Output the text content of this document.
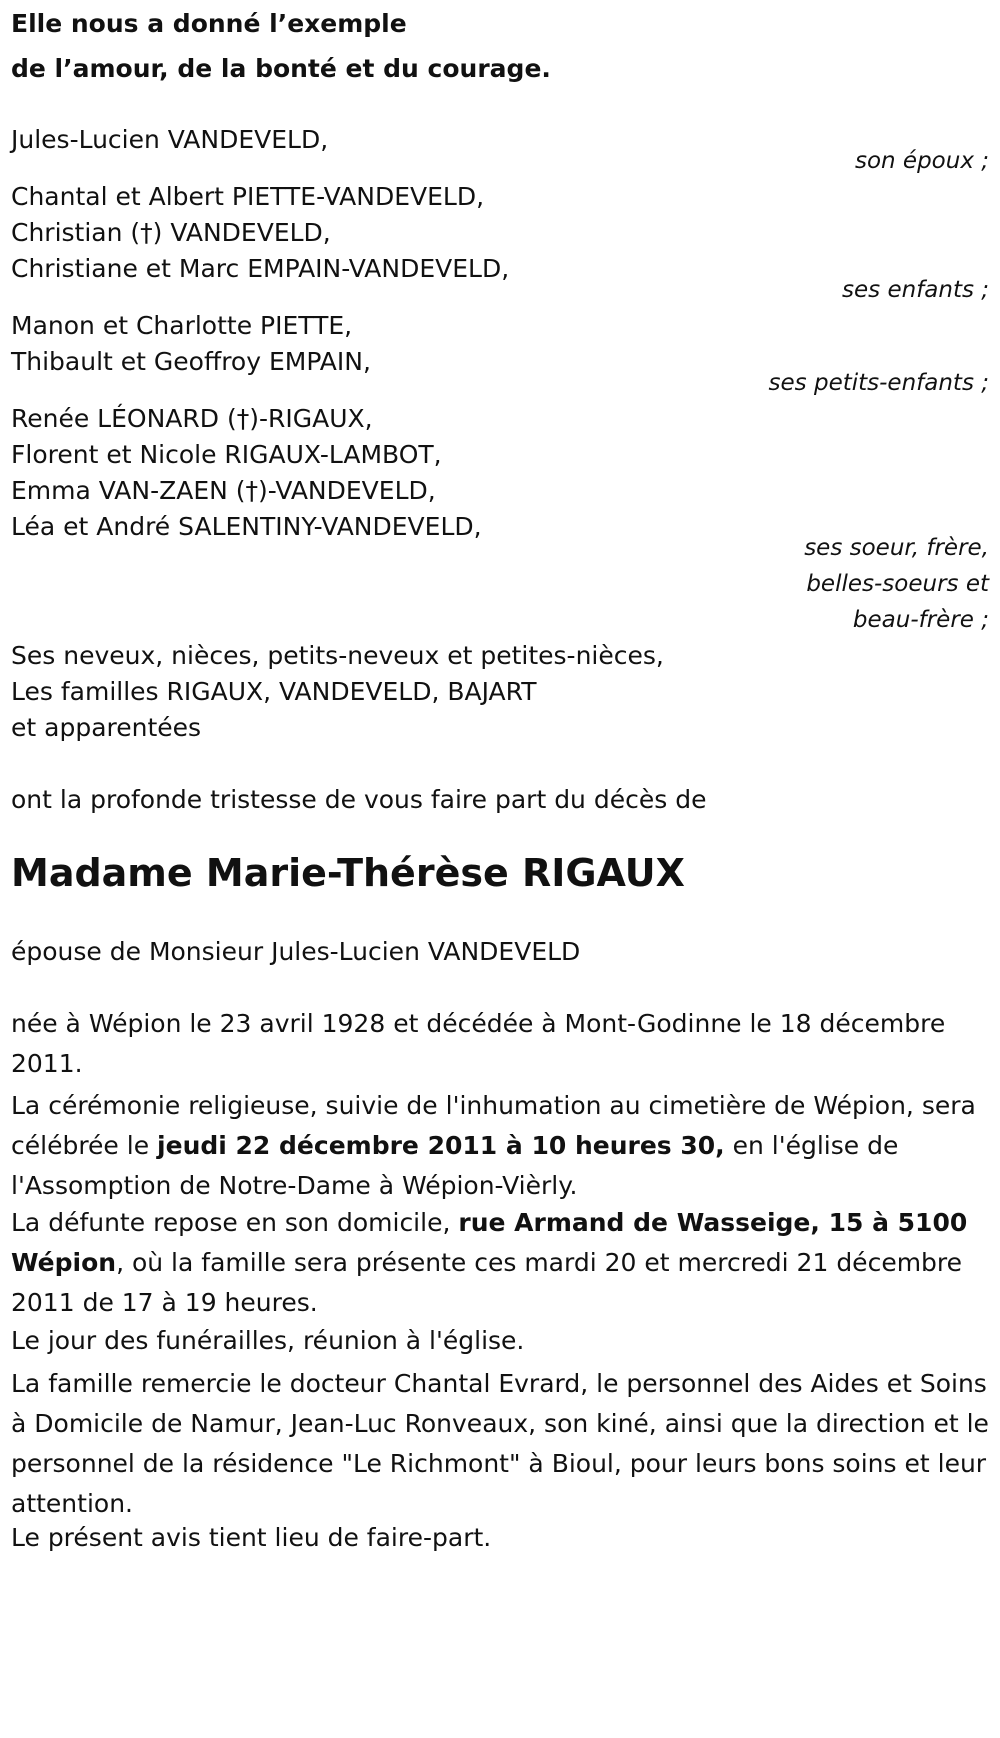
Elle nous a donné l’exemple
de l’amour, de la bonté et du courage.
Jules-Lucien VANDEVELD,
son époux ;
Chantal et Albert PIETTE-VANDEVELD,
Christian (†) VANDEVELD,
Christiane et Marc EMPAIN-VANDEVELD,
ses enfants ;
Manon et Charlotte PIETTE,
Thibault et Geoffroy EMPAIN,
ses petits-enfants ;
Renée LÉONARD (†)-RIGAUX,
Florent et Nicole RIGAUX-LAMBOT,
Emma VAN-ZAEN (†)-VANDEVELD,
Léa et André SALENTINY-VANDEVELD,
ses soeur, frère,
belles-soeurs et
beau-frère ;
Ses neveux, nièces, petits-neveux et petites-nièces,
Les familles RIGAUX, VANDEVELD, BAJART
et apparentées
ont la profonde tristesse de vous faire part du décès de
Madame Marie-Thérèse RIGAUX
épouse de Monsieur Jules-Lucien VANDEVELD
née à Wépion le 23 avril 1928 et décédée à Mont-Godinne le 18 décembre 2011.
La cérémonie religieuse, suivie de l'inhumation au cimetière de Wépion, sera célébrée le jeudi 22 décembre 2011 à 10 heures 30, en l'église de l'Assomption de Notre-Dame à Wépion-Vièrly.
La défunte repose en son domicile, rue Armand de Wasseige, 15 à 5100 Wépion, où la famille sera présente ces mardi 20 et mercredi 21 décembre 2011 de 17 à 19 heures.
Le jour des funérailles, réunion à l'église.
La famille remercie le docteur Chantal Evrard, le personnel des Aides et Soins à Domicile de Namur, Jean-Luc Ronveaux, son kiné, ainsi que la direction et le personnel de la résidence "Le Richmont" à Bioul, pour leurs bons soins et leur attention.
Le présent avis tient lieu de faire-part.
